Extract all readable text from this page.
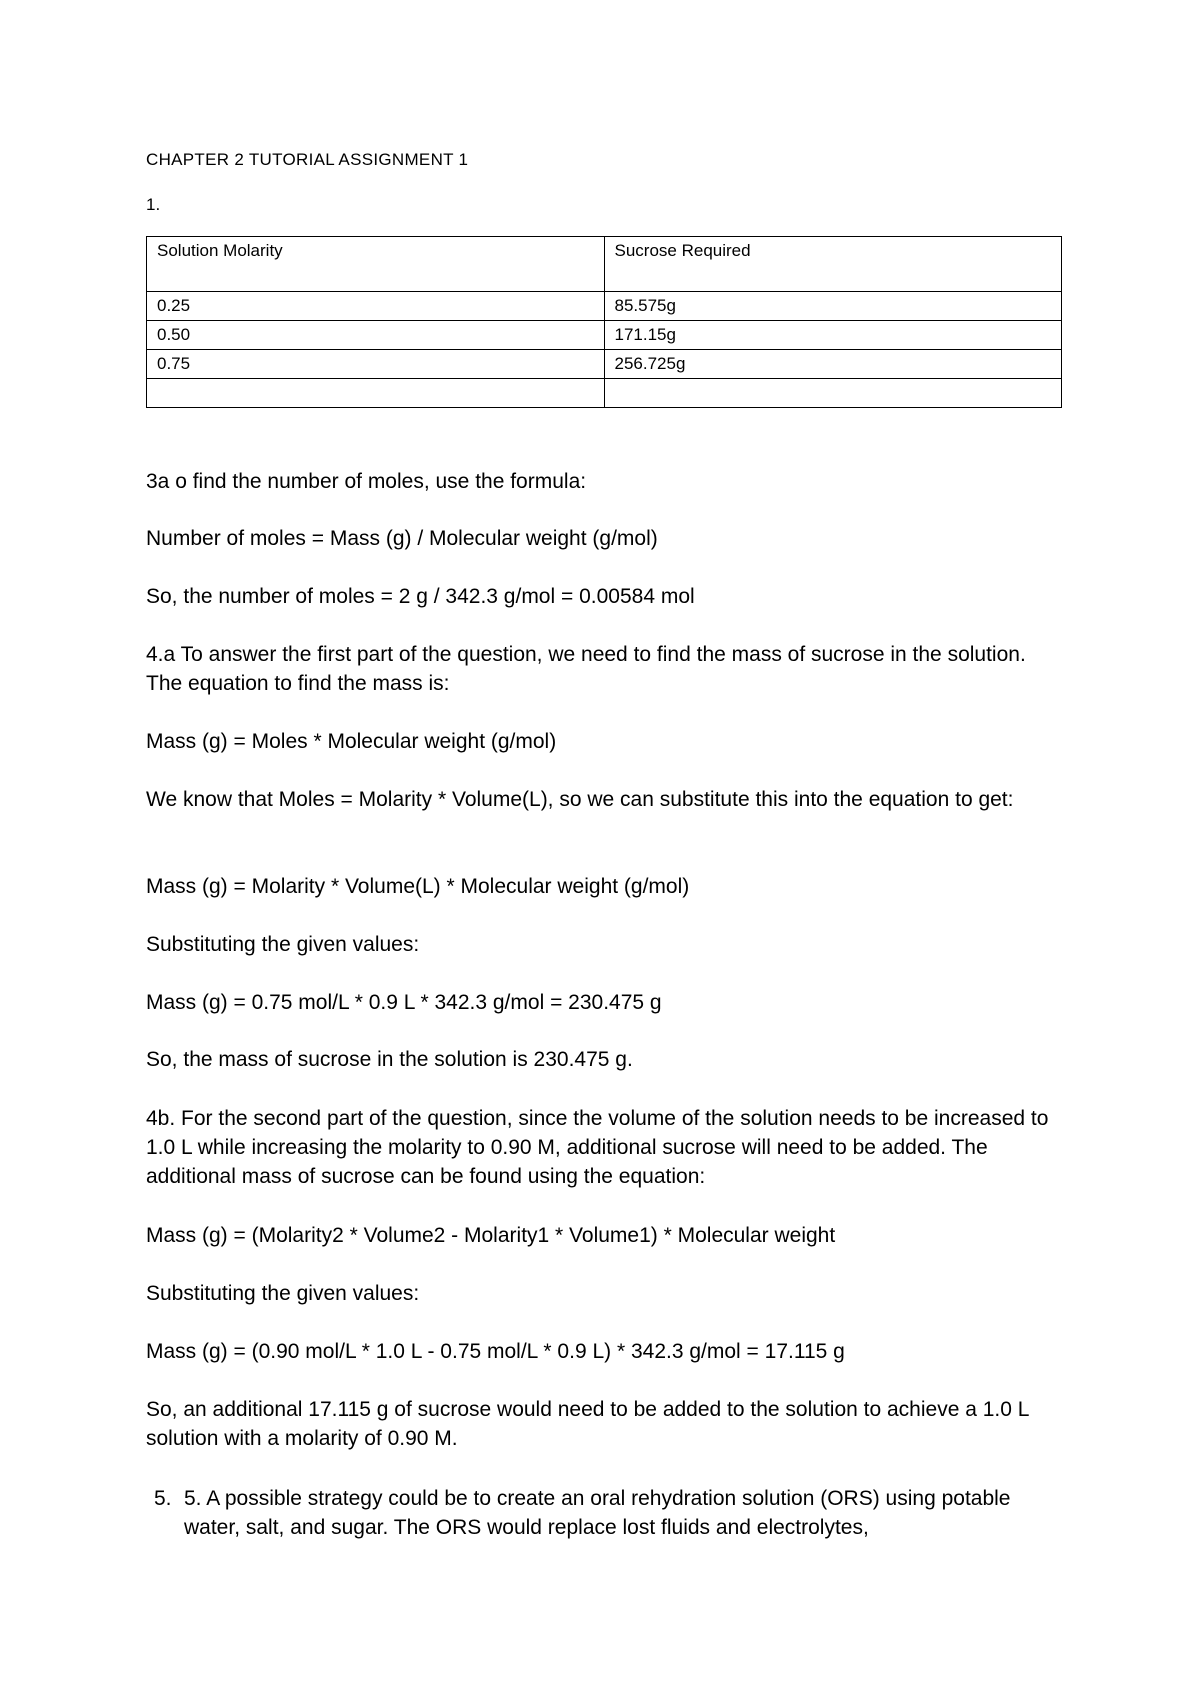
CHAPTER 2 TUTORIAL ASSIGNMENT 1
1.
Solution Molarity	Sucrose Required
0.25	85.575g
0.50	171.15g
0.75	256.725g

3a o find the number of moles, use the formula:
Number of moles = Mass (g) / Molecular weight (g/mol)
So, the number of moles = 2 g / 342.3 g/mol = 0.00584 mol
4.a To answer the first part of the question, we need to find the mass of sucrose in the solution. The equation to find the mass is:
Mass (g) = Moles * Molecular weight (g/mol)
We know that Moles = Molarity * Volume(L), so we can substitute this into the equation to get:
Mass (g) = Molarity * Volume(L) * Molecular weight (g/mol)
Substituting the given values:
Mass (g) = 0.75 mol/L * 0.9 L * 342.3 g/mol = 230.475 g
So, the mass of sucrose in the solution is 230.475 g.
4b. For the second part of the question, since the volume of the solution needs to be increased to 1.0 L while increasing the molarity to 0.90 M, additional sucrose will need to be added. The additional mass of sucrose can be found using the equation:
Mass (g) = (Molarity2 * Volume2 - Molarity1 * Volume1) * Molecular weight
Substituting the given values:
Mass (g) = (0.90 mol/L * 1.0 L - 0.75 mol/L * 0.9 L) * 342.3 g/mol = 17.115 g
So, an additional 17.115 g of sucrose would need to be added to the solution to achieve a 1.0 L solution with a molarity of 0.90 M.
5. 5. A possible strategy could be to create an oral rehydration solution (ORS) using potable water, salt, and sugar. The ORS would replace lost fluids and electrolytes,
